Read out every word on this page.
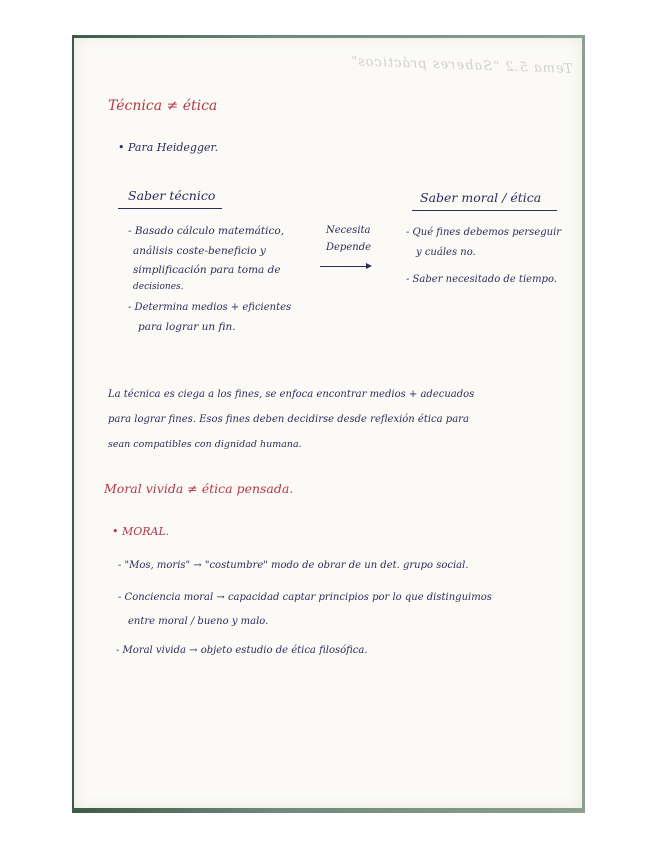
Tema 5.2 "Saberes prácticos"
Técnica ≠ ética
• Para Heidegger.
Saber técnico
- Basado cálculo matemático,
análisis coste-beneficio y
simplificación para toma de
decisiones.
- Determina medios + eficientes
para lograr un fin.
Necesita
Depende
Saber moral / ética
- Qué fines debemos perseguir
y cuáles no.
- Saber necesitado de tiempo.
La técnica es ciega a los fines, se enfoca encontrar medios + adecuados
para lograr fines. Esos fines deben decidirse desde reflexión ética para
sean compatibles con dignidad humana.
Moral vivida ≠ ética pensada.
• MORAL.
- "Mos, moris" → "costumbre" modo de obrar de un det. grupo social.
- Conciencia moral → capacidad captar principios por lo que distinguimos
entre moral / bueno y malo.
- Moral vivida → objeto estudio de ética filosófica.
